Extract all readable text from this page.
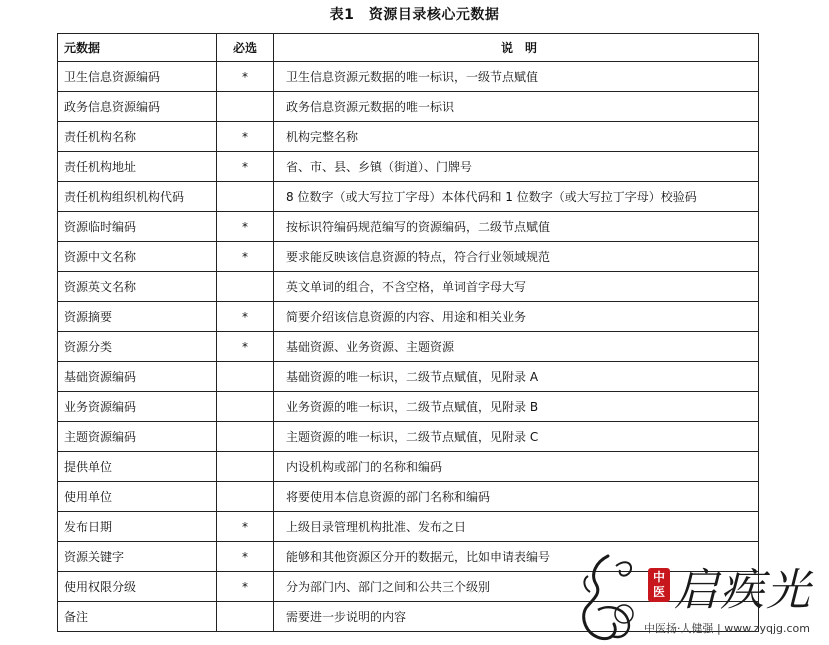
表1　资源目录核心元数据
元数据	必选	说　明
卫生信息资源编码	*	卫生信息资源元数据的唯一标识，一级节点赋值
政务信息资源编码		政务信息资源元数据的唯一标识
责任机构名称	*	机构完整名称
责任机构地址	*	省、市、县、乡镇（街道）、门牌号
责任机构组织机构代码		8 位数字（或大写拉丁字母）本体代码和 1 位数字（或大写拉丁字母）校验码
资源临时编码	*	按标识符编码规范编写的资源编码，二级节点赋值
资源中文名称	*	要求能反映该信息资源的特点，符合行业领域规范
资源英文名称		英文单词的组合，不含空格，单词首字母大写
资源摘要	*	简要介绍该信息资源的内容、用途和相关业务
资源分类	*	基础资源、业务资源、主题资源
基础资源编码		基础资源的唯一标识，二级节点赋值，见附录 A
业务资源编码		业务资源的唯一标识，二级节点赋值，见附录 B
主题资源编码		主题资源的唯一标识，二级节点赋值，见附录 C
提供单位		内设机构或部门的名称和编码
使用单位		将要使用本信息资源的部门名称和编码
发布日期	*	上级目录管理机构批准、发布之日
资源关键字	*	能够和其他资源区分开的数据元，比如申请表编号
使用权限分级	*	分为部门内、部门之间和公共三个级别
备注		需要进一步说明的内容
中医 启疾光
中医扬·人健强 | www.zyqjg.com
